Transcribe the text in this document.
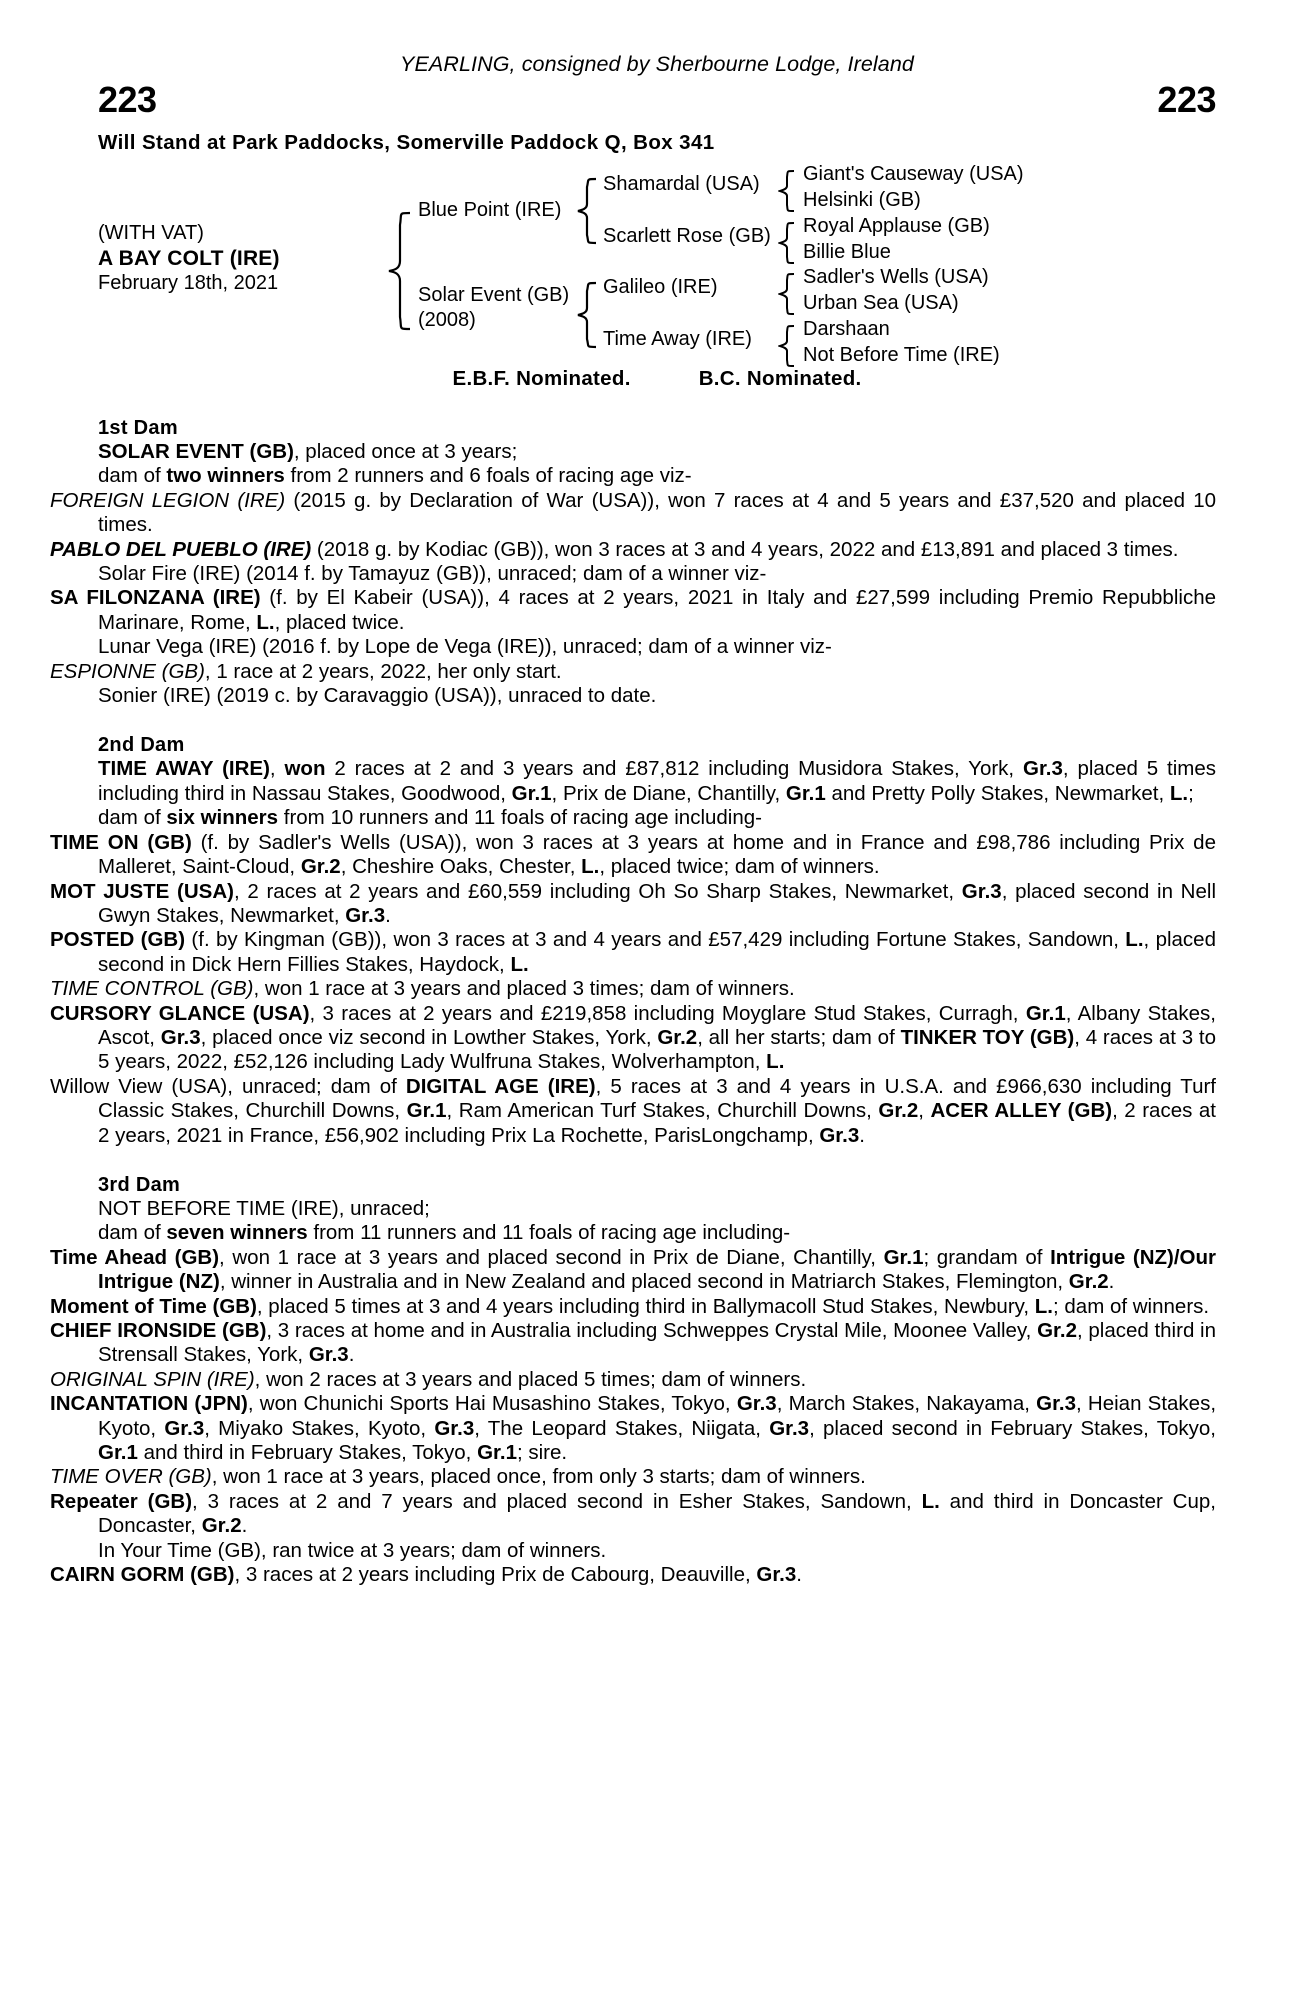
YEARLING, consigned by Sherbourne Lodge, Ireland
223	223
Will Stand at Park Paddocks, Somerville Paddock Q, Box 341
(WITH VAT)
A BAY COLT (IRE)
February 18th, 2021
Blue Point (IRE)
Solar Event (GB)
(2008)
Shamardal (USA)
Scarlett Rose (GB)
Galileo (IRE)
Time Away (IRE)
Giant's Causeway (USA)
Helsinki (GB)
Royal Applause (GB)
Billie Blue
Sadler's Wells (USA)
Urban Sea (USA)
Darshaan
Not Before Time (IRE)
E.B.F. Nominated.	B.C. Nominated.
1st Dam

SOLAR EVENT (GB), placed once at 3 years;

dam of two winners from 2 runners and 6 foals of racing age viz-

FOREIGN LEGION (IRE) (2015 g. by Declaration of War (USA)), won 7 races at 4 and 5 years and £37,520 and placed 10 times.

PABLO DEL PUEBLO (IRE) (2018 g. by Kodiac (GB)), won 3 races at 3 and 4 years, 2022 and £13,891 and placed 3 times.

Solar Fire (IRE) (2014 f. by Tamayuz (GB)), unraced; dam of a winner viz-

SA FILONZANA (IRE) (f. by El Kabeir (USA)), 4 races at 2 years, 2021 in Italy and £27,599 including Premio Repubbliche Marinare, Rome, L., placed twice.

Lunar Vega (IRE) (2016 f. by Lope de Vega (IRE)), unraced; dam of a winner viz-

ESPIONNE (GB), 1 race at 2 years, 2022, her only start.

Sonier (IRE) (2019 c. by Caravaggio (USA)), unraced to date.

2nd Dam

TIME AWAY (IRE), won 2 races at 2 and 3 years and £87,812 including Musidora Stakes, York, Gr.3, placed 5 times including third in Nassau Stakes, Goodwood, Gr.1, Prix de Diane, Chantilly, Gr.1 and Pretty Polly Stakes, Newmarket, L.;

dam of six winners from 10 runners and 11 foals of racing age including-

TIME ON (GB) (f. by Sadler's Wells (USA)), won 3 races at 3 years at home and in France and £98,786 including Prix de Malleret, Saint-Cloud, Gr.2, Cheshire Oaks, Chester, L., placed twice; dam of winners.

MOT JUSTE (USA), 2 races at 2 years and £60,559 including Oh So Sharp Stakes, Newmarket, Gr.3, placed second in Nell Gwyn Stakes, Newmarket, Gr.3.

POSTED (GB) (f. by Kingman (GB)), won 3 races at 3 and 4 years and £57,429 including Fortune Stakes, Sandown, L., placed second in Dick Hern Fillies Stakes, Haydock, L.

TIME CONTROL (GB), won 1 race at 3 years and placed 3 times; dam of winners.

CURSORY GLANCE (USA), 3 races at 2 years and £219,858 including Moyglare Stud Stakes, Curragh, Gr.1, Albany Stakes, Ascot, Gr.3, placed once viz second in Lowther Stakes, York, Gr.2, all her starts; dam of TINKER TOY (GB), 4 races at 3 to 5 years, 2022, £52,126 including Lady Wulfruna Stakes, Wolverhampton, L.

Willow View (USA), unraced; dam of DIGITAL AGE (IRE), 5 races at 3 and 4 years in U.S.A. and £966,630 including Turf Classic Stakes, Churchill Downs, Gr.1, Ram American Turf Stakes, Churchill Downs, Gr.2, ACER ALLEY (GB), 2 races at 2 years, 2021 in France, £56,902 including Prix La Rochette, ParisLongchamp, Gr.3.

3rd Dam

NOT BEFORE TIME (IRE), unraced;

dam of seven winners from 11 runners and 11 foals of racing age including-

Time Ahead (GB), won 1 race at 3 years and placed second in Prix de Diane, Chantilly, Gr.1; grandam of Intrigue (NZ)/Our Intrigue (NZ), winner in Australia and in New Zealand and placed second in Matriarch Stakes, Flemington, Gr.2.

Moment of Time (GB), placed 5 times at 3 and 4 years including third in Ballymacoll Stud Stakes, Newbury, L.; dam of winners.

CHIEF IRONSIDE (GB), 3 races at home and in Australia including Schweppes Crystal Mile, Moonee Valley, Gr.2, placed third in Strensall Stakes, York, Gr.3.

ORIGINAL SPIN (IRE), won 2 races at 3 years and placed 5 times; dam of winners.

INCANTATION (JPN), won Chunichi Sports Hai Musashino Stakes, Tokyo, Gr.3, March Stakes, Nakayama, Gr.3, Heian Stakes, Kyoto, Gr.3, Miyako Stakes, Kyoto, Gr.3, The Leopard Stakes, Niigata, Gr.3, placed second in February Stakes, Tokyo, Gr.1 and third in February Stakes, Tokyo, Gr.1; sire.

TIME OVER (GB), won 1 race at 3 years, placed once, from only 3 starts; dam of winners.

Repeater (GB), 3 races at 2 and 7 years and placed second in Esher Stakes, Sandown, L. and third in Doncaster Cup, Doncaster, Gr.2.

In Your Time (GB), ran twice at 3 years; dam of winners.

CAIRN GORM (GB), 3 races at 2 years including Prix de Cabourg, Deauville, Gr.3.
